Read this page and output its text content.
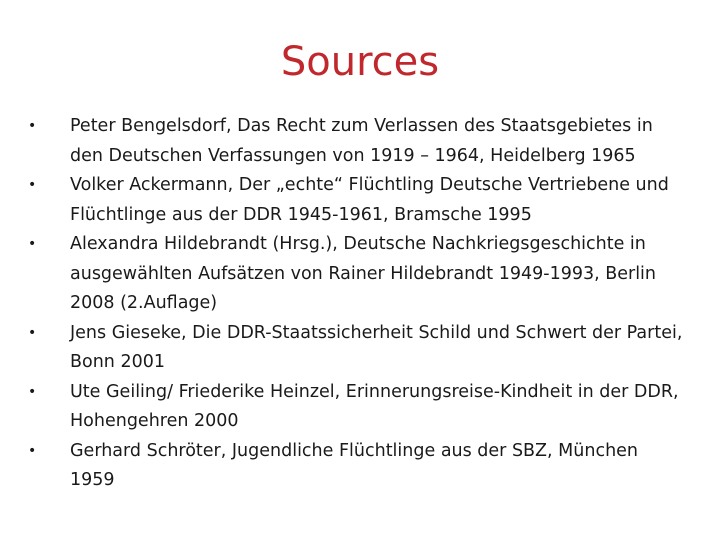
Sources
•	Peter Bengelsdorf, Das Recht zum Verlassen des Staatsgebietes in den Deutschen Verfassungen von 1919 – 1964, Heidelberg 1965
•	Volker Ackermann, Der „echte“ Flüchtling Deutsche Vertriebene und Flüchtlinge aus der DDR 1945-1961, Bramsche 1995
•	Alexandra Hildebrandt (Hrsg.), Deutsche Nachkriegsgeschichte in ausgewählten Aufsätzen von Rainer Hildebrandt 1949-1993, Berlin 2008 (2.Auflage)
•	Jens Gieseke, Die DDR-Staatssicherheit Schild und Schwert der Partei, Bonn 2001
•	Ute Geiling/ Friederike Heinzel, Erinnerungsreise-Kindheit in der DDR, Hohengehren 2000
•	Gerhard Schröter, Jugendliche Flüchtlinge aus der SBZ, München 1959
